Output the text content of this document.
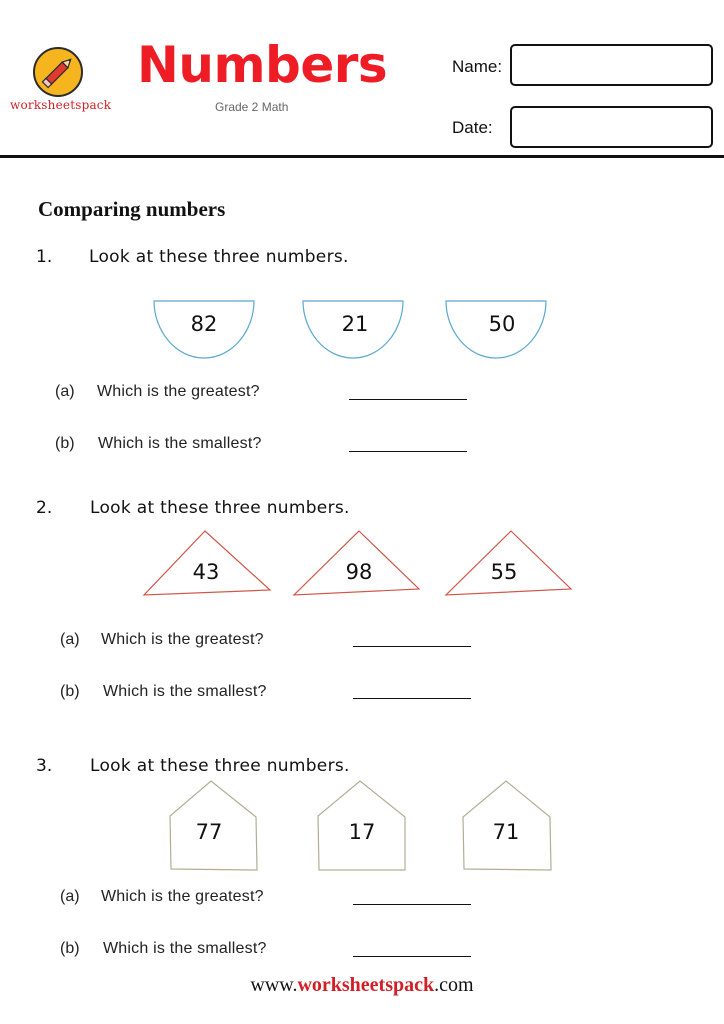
worksheetspack
Numbers
Grade 2 Math
Name:
Date:
Comparing numbers
1. Look at these three numbers.
82	21	50
(a) Which is the greatest?
(b) Which is the smallest?
2. Look at these three numbers.
43	98	55
(a) Which is the greatest?
(b) Which is the smallest?
3. Look at these three numbers.
77	17	71
(a) Which is the greatest?
(b) Which is the smallest?
www.worksheetspack.com
